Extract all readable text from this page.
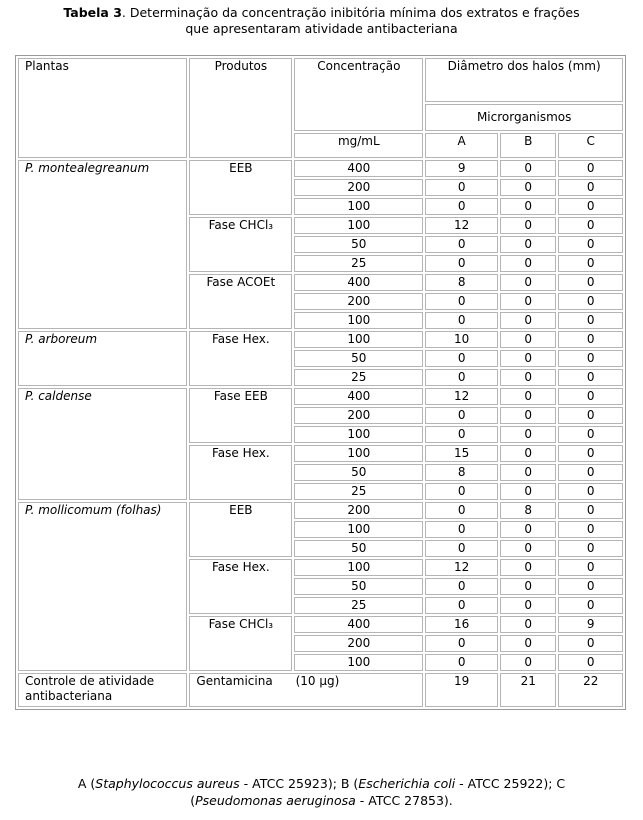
Tabela 3. Determinação da concentração inibitória mínima dos extratos e frações
que apresentaram atividade antibacteriana
Plantas	Produtos	Concentração	Diâmetro dos halos (mm)		
			Microrganismos		
		mg/mL	A	B	C
P. montealegreanum	EEB	400	9	0	0
		200	0	0	0
		100	0	0	0
	Fase CHCl₃	100	12	0	0
		50	0	0	0
		25	0	0	0
	Fase ACOEt	400	8	0	0
		200	0	0	0
		100	0	0	0
P. arboreum	Fase Hex.	100	10	0	0
		50	0	0	0
		25	0	0	0
P. caldense	Fase EEB	400	12	0	0
		200	0	0	0
		100	0	0	0
	Fase Hex.	100	15	0	0
		50	8	0	0
		25	0	0	0
P. mollicomum (folhas)	EEB	200	0	8	0
		100	0	0	0
		50	0	0	0
	Fase Hex.	100	12	0	0
		50	0	0	0
		25	0	0	0
	Fase CHCl₃	400	16	0	9
		200	0	0	0
		100	0	0	0
Controle de atividade antibacteriana	Gentamicina      (10 µg)		19	21	22
A (Staphylococcus aureus - ATCC 25923); B (Escherichia coli - ATCC 25922); C
(Pseudomonas aeruginosa - ATCC 27853).
